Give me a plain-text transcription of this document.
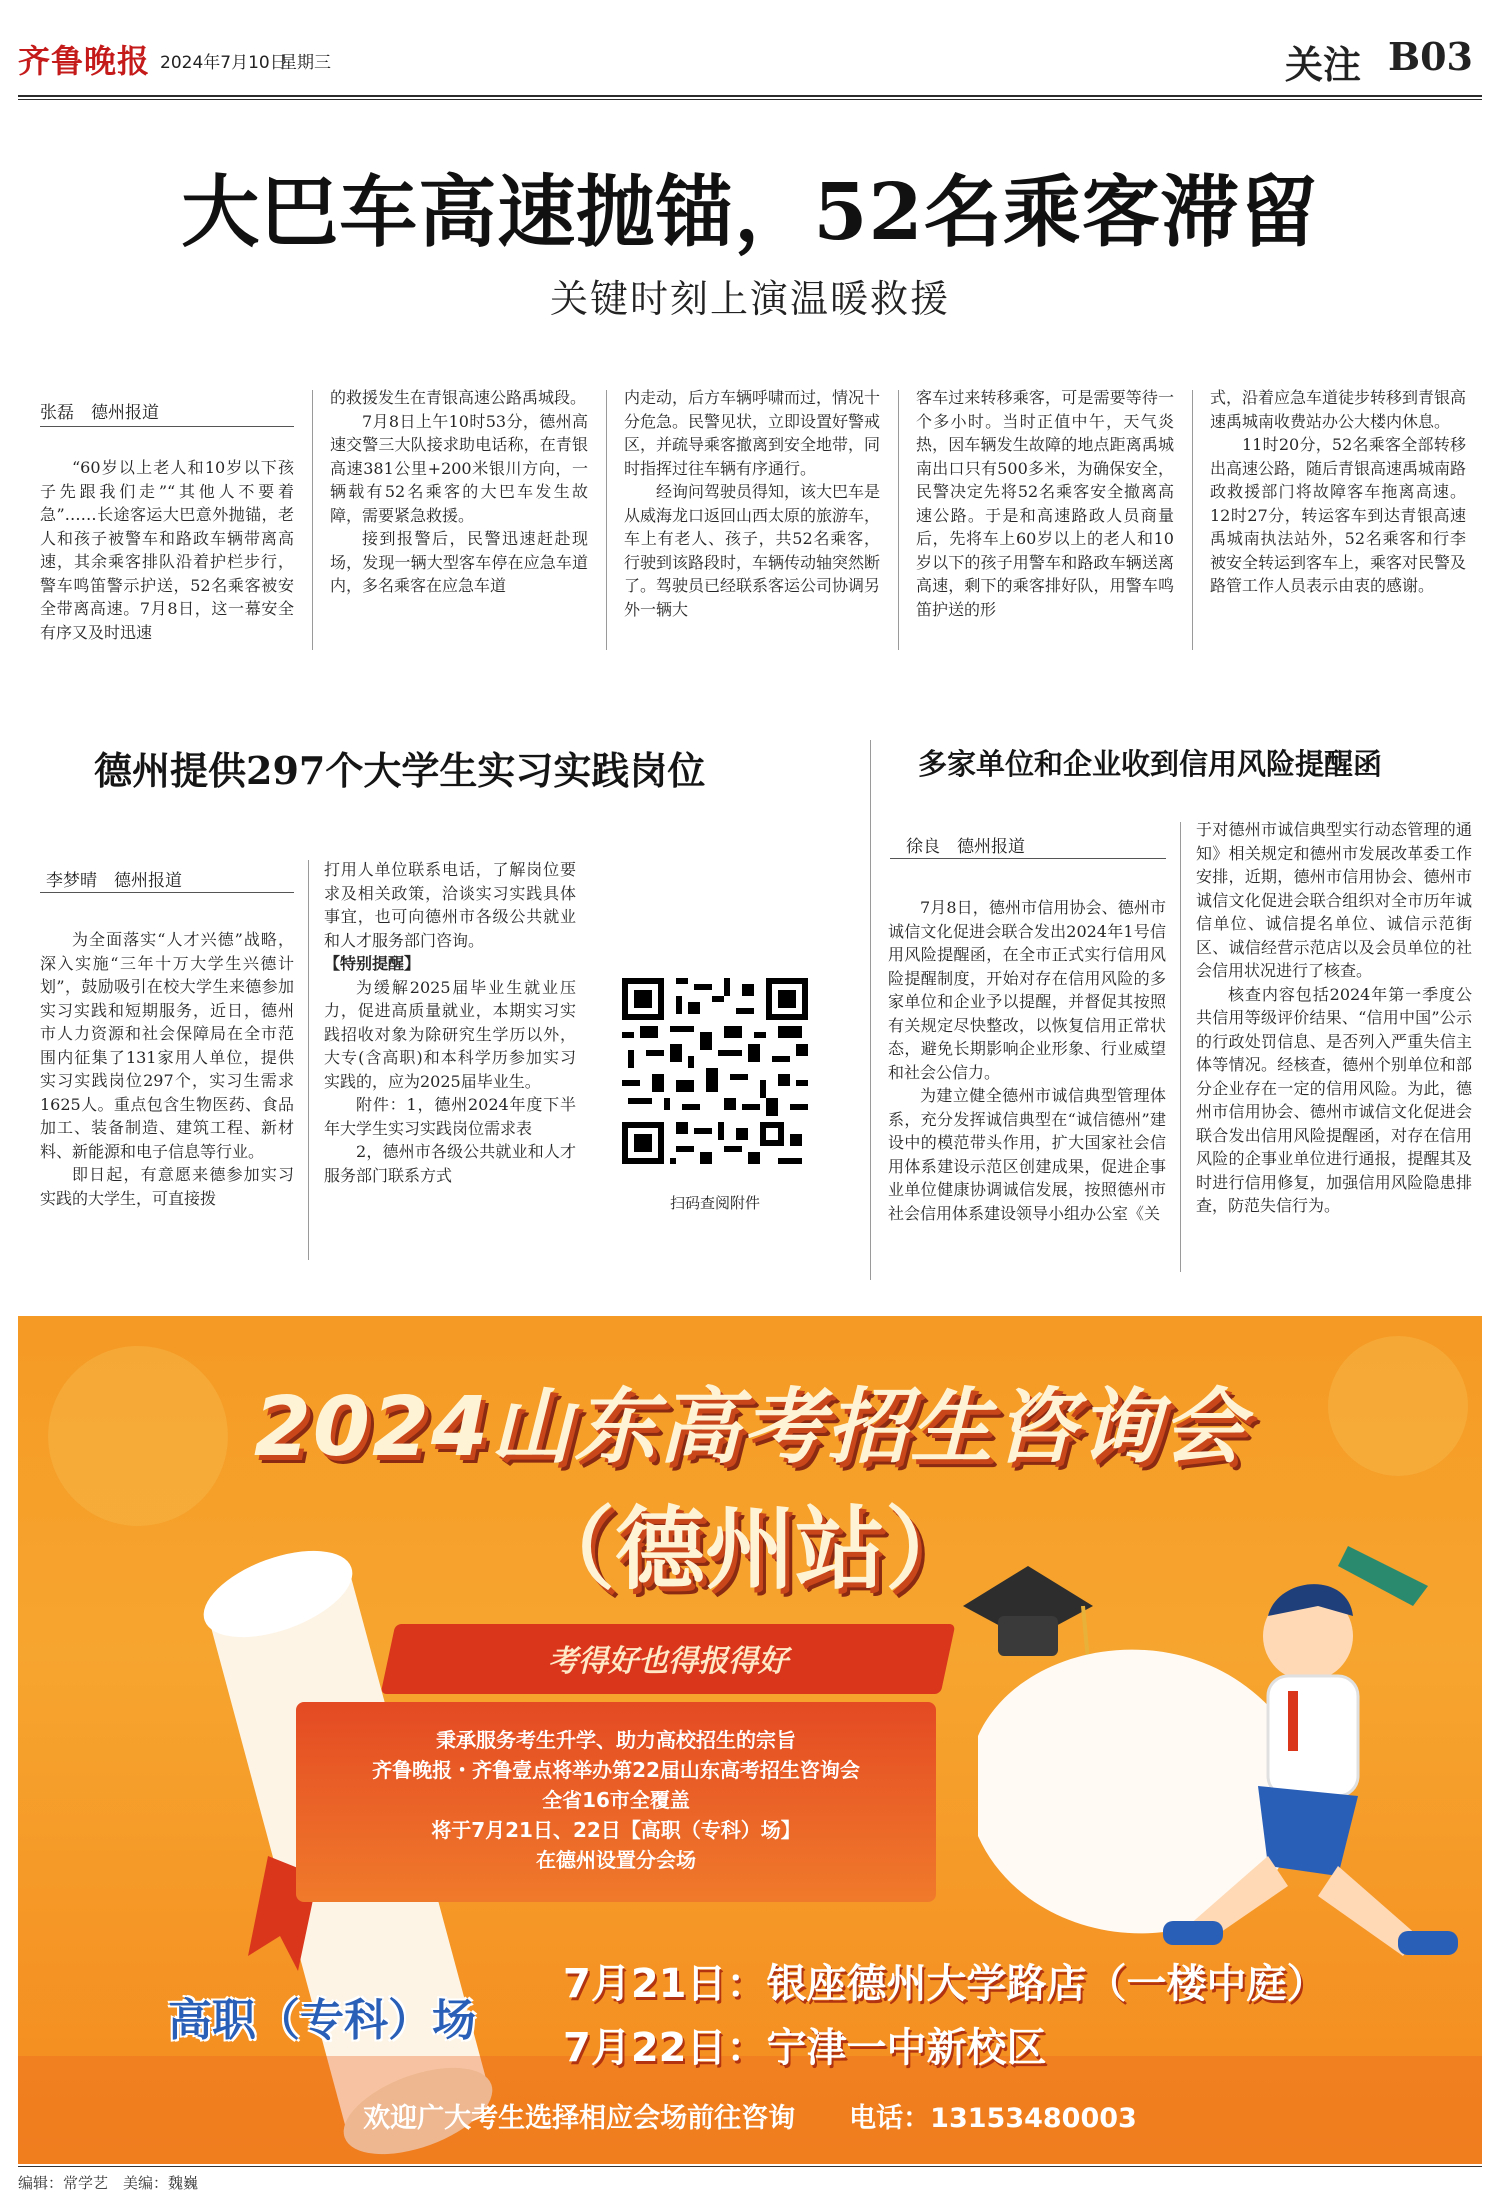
齐鲁晚报 2024年7月10日
星期三	关注 B03
大巴车高速抛锚，52名乘客滞留
关键时刻上演温暖救援
张磊　德州报道

“60岁以上老人和10岁以下孩子先跟我们走”“其他人不要着急”……长途客运大巴意外抛锚，老人和孩子被警车和路政车辆带离高速，其余乘客排队沿着护栏步行，警车鸣笛警示护送，52名乘客被安全带离高速。7月8日，这一幕安全有序又及时迅速

的救援发生在青银高速公路禹城段。

7月8日上午10时53分，德州高速交警三大队接求助电话称，在青银高速381公里+200米银川方向，一辆载有52名乘客的大巴车发生故障，需要紧急救援。

接到报警后，民警迅速赶赴现场，发现一辆大型客车停在应急车道内，多名乘客在应急车道

内走动，后方车辆呼啸而过，情况十分危急。民警见状，立即设置好警戒区，并疏导乘客撤离到安全地带，同时指挥过往车辆有序通行。

经询问驾驶员得知，该大巴车是从威海龙口返回山西太原的旅游车，车上有老人、孩子，共52名乘客，行驶到该路段时，车辆传动轴突然断了。驾驶员已经联系客运公司协调另外一辆大

客车过来转移乘客，可是需要等待一个多小时。当时正值中午，天气炎热，因车辆发生故障的地点距离禹城南出口只有500多米，为确保安全，民警决定先将52名乘客安全撤离高速公路。于是和高速路政人员商量后，先将车上60岁以上的老人和10岁以下的孩子用警车和路政车辆送离高速，剩下的乘客排好队，用警车鸣笛护送的形

式，沿着应急车道徒步转移到青银高速禹城南收费站办公大楼内休息。

11时20分，52名乘客全部转移出高速公路，随后青银高速禹城南路政救援部门将故障客车拖离高速。12时27分，转运客车到达青银高速禹城南执法站外，52名乘客和行李被安全转运到客车上，乘客对民警及路管工作人员表示由衷的感谢。

德州提供297个大学生实习实践岗位
李梦晴　德州报道

为全面落实“人才兴德”战略，深入实施“三年十万大学生兴德计划”，鼓励吸引在校大学生来德参加实习实践和短期服务，近日，德州市人力资源和社会保障局在全市范围内征集了131家用人单位，提供实习实践岗位297个，实习生需求1625人。重点包含生物医药、食品加工、装备制造、建筑工程、新材料、新能源和电子信息等行业。

即日起，有意愿来德参加实习实践的大学生，可直接拨

打用人单位联系电话，了解岗位要求及相关政策，洽谈实习实践具体事宜，也可向德州市各级公共就业和人才服务部门咨询。

【特别提醒】

为缓解2025届毕业生就业压力，促进高质量就业，本期实习实践招收对象为除研究生学历以外，大专(含高职)和本科学历参加实习实践的，应为2025届毕业生。

附件：1，德州2024年度下半年大学生实习实践岗位需求表

2，德州市各级公共就业和人才服务部门联系方式

扫码查阅附件
多家单位和企业收到信用风险提醒函
徐良　德州报道

7月8日，德州市信用协会、德州市诚信文化促进会联合发出2024年1号信用风险提醒函，在全市正式实行信用风险提醒制度，开始对存在信用风险的多家单位和企业予以提醒，并督促其按照有关规定尽快整改，以恢复信用正常状态，避免长期影响企业形象、行业威望和社会公信力。

为建立健全德州市诚信典型管理体系，充分发挥诚信典型在“诚信德州”建设中的模范带头作用，扩大国家社会信用体系建设示范区创建成果，促进企事业单位健康协调诚信发展，按照德州市社会信用体系建设领导小组办公室《关

于对德州市诚信典型实行动态管理的通知》相关规定和德州市发展改革委工作安排，近期，德州市信用协会、德州市诚信文化促进会联合组织对全市历年诚信单位、诚信提名单位、诚信示范街区、诚信经营示范店以及会员单位的社会信用状况进行了核查。

核查内容包括2024年第一季度公共信用等级评价结果、“信用中国”公示的行政处罚信息、是否列入严重失信主体等情况。经核查，德州个别单位和部分企业存在一定的信用风险。为此，德州市信用协会、德州市诚信文化促进会联合发出信用风险提醒函，对存在信用风险的企事业单位进行通报，提醒其及时进行信用修复，加强信用风险隐患排查，防范失信行为。

2024山东高考招生咨询会
（德州站）
考得好也得报得好
秉承服务考生升学、助力高校招生的宗旨
齐鲁晚报・齐鲁壹点将举办第22届山东高考招生咨询会
全省16市全覆盖
将于7月21日、22日【高职（专科）场】
在德州设置分会场
高职（专科）场
7月21日：银座德州大学路店（一楼中庭）
7月22日：宁津一中新校区
欢迎广大考生选择相应会场前往咨询　　电话：13153480003
编辑：常学艺　美编：魏巍
